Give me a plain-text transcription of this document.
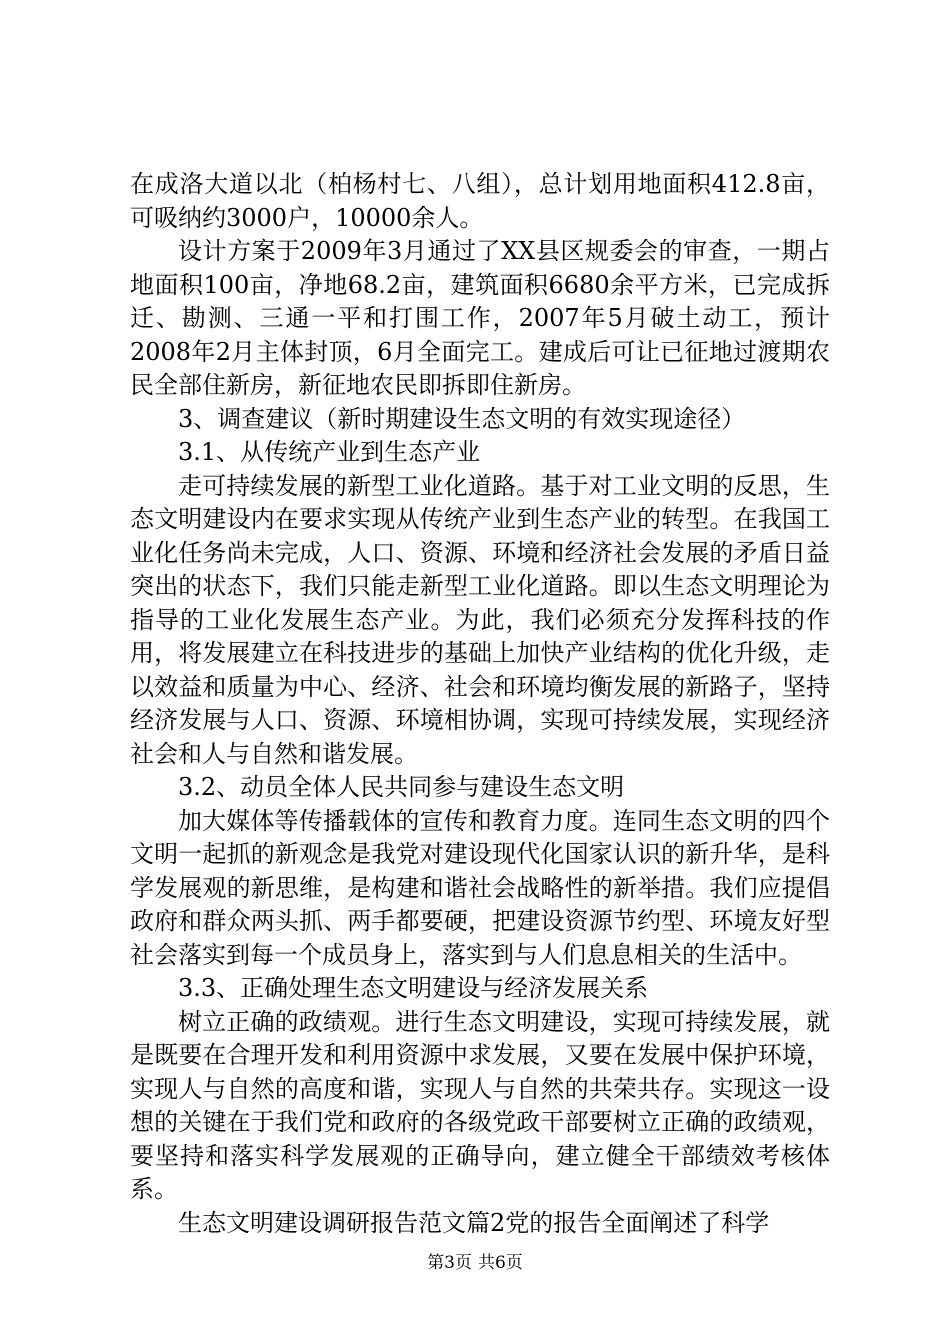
在成洛大道以北（柏杨村七、八组），总计划用地面积412.8亩，可吸纳约3000户，10000余人。

设计方案于2009年3月通过了XX县区规委会的审查，一期占地面积100亩，净地68.2亩，建筑面积6680余平方米，已完成拆迁、勘测、三通一平和打围工作，2007年5月破土动工，预计2008年2月主体封顶，6月全面完工。建成后可让已征地过渡期农民全部住新房，新征地农民即拆即住新房。

3、调查建议（新时期建设生态文明的有效实现途径）

3.1、从传统产业到生态产业

走可持续发展的新型工业化道路。基于对工业文明的反思，生态文明建设内在要求实现从传统产业到生态产业的转型。在我国工业化任务尚未完成，人口、资源、环境和经济社会发展的矛盾日益突出的状态下，我们只能走新型工业化道路。即以生态文明理论为指导的工业化发展生态产业。为此，我们必须充分发挥科技的作用，将发展建立在科技进步的基础上加快产业结构的优化升级，走以效益和质量为中心、经济、社会和环境均衡发展的新路子，坚持经济发展与人口、资源、环境相协调，实现可持续发展，实现经济社会和人与自然和谐发展。

3.2、动员全体人民共同参与建设生态文明

加大媒体等传播载体的宣传和教育力度。连同生态文明的四个文明一起抓的新观念是我党对建设现代化国家认识的新升华，是科学发展观的新思维，是构建和谐社会战略性的新举措。我们应提倡政府和群众两头抓、两手都要硬，把建设资源节约型、环境友好型社会落实到每一个成员身上，落实到与人们息息相关的生活中。

3.3、正确处理生态文明建设与经济发展关系

树立正确的政绩观。进行生态文明建设，实现可持续发展，就是既要在合理开发和利用资源中求发展，又要在发展中保护环境，实现人与自然的高度和谐，实现人与自然的共荣共存。实现这一设想的关键在于我们党和政府的各级党政干部要树立正确的政绩观，要坚持和落实科学发展观的正确导向，建立健全干部绩效考核体系。

生态文明建设调研报告范文篇2党的报告全面阐述了科学

第3页 共6页
